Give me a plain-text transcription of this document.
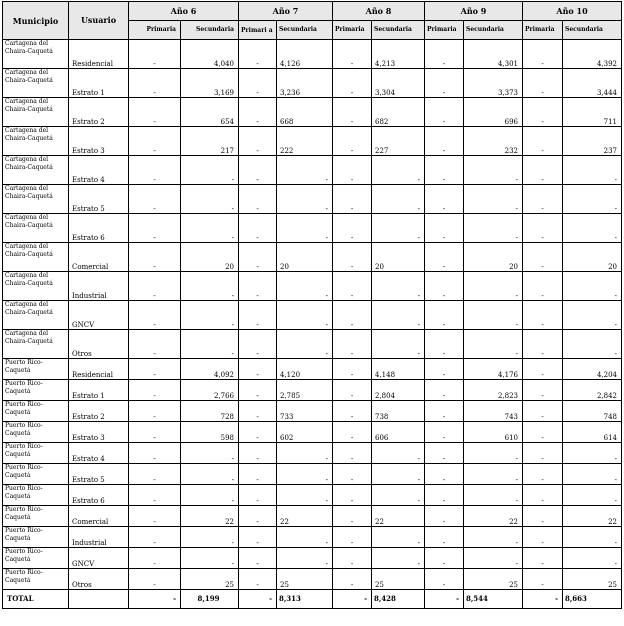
Municipio	Usuario	Año 6		Año 7		Año 8		Año 9		Año 10	
		Primaria	Secundaria	Primari a	Secundaria	Primaria	Secundaria	Primaria	Secundaria	Primaria	Secundaria
Cartagena del Chaira-Caquetá	Residencial	-	4,040	-	4,126	-	4,213	-	4,301	-	4,392
Cartagena del Chaira-Caquetá	Estrato 1	-	3,169	-	3,236	-	3,304	-	3,373	-	3,444
Cartagena del Chaira-Caquetá	Estrato 2	-	654	-	668	-	682	-	696	-	711
Cartagena del Chaira-Caquetá	Estrato 3	-	217	-	222	-	227	-	232	-	237
Cartagena del Chaira-Caquetá	Estrato 4	-	-	-	-	-	-	-	-	-	-
Cartagena del Chaira-Caquetá	Estrato 5	-	-	-	-	-	-	-	-	-	-
Cartagena del Chaira-Caquetá	Estrato 6	-	-	-	-	-	-	-	-	-	-
Cartagena del Chaira-Caquetá	Comercial	-	20	-	20	-	20	-	20	-	20
Cartagena del Chaira-Caquetá	Industrial	-	-	-	-	-	-	-	-	-	-
Cartagena del Chaira-Caquetá	GNCV	-	-	-	-	-	-	-	-	-	-
Cartagena del Chaira-Caquetá	Otros	-	-	-	-	-	-	-	-	-	-
Puerto Rico-Caquetá	Residencial	-	4,092	-	4,120	-	4,148	-	4,176	-	4,204
Puerto Rico-Caquetá	Estrato 1	-	2,766	-	2,785	-	2,804	-	2,823	-	2,842
Puerto Rico-Caquetá	Estrato 2	-	728	-	733	-	738	-	743	-	748
Puerto Rico-Caquetá	Estrato 3	-	598	-	602	-	606	-	610	-	614
Puerto Rico-Caquetá	Estrato 4	-	-	-	-	-	-	-	-	-	-
Puerto Rico-Caquetá	Estrato 5	-	-	-	-	-	-	-	-	-	-
Puerto Rico-Caquetá	Estrato 6	-	-	-	-	-	-	-	-	-	-
Puerto Rico-Caquetá	Comercial	-	22	-	22	-	22	-	22	-	22
Puerto Rico-Caquetá	Industrial	-	-	-	-	-	-	-	-	-	-
Puerto Rico-Caquetá	GNCV	-	-	-	-	-	-	-	-	-	-
Puerto Rico-Caquetá	Otros	-	25	-	25	-	25	-	25	-	25
TOTAL		-	8,199	-	8,313	-	8,428	-	8,544	-	8,663
